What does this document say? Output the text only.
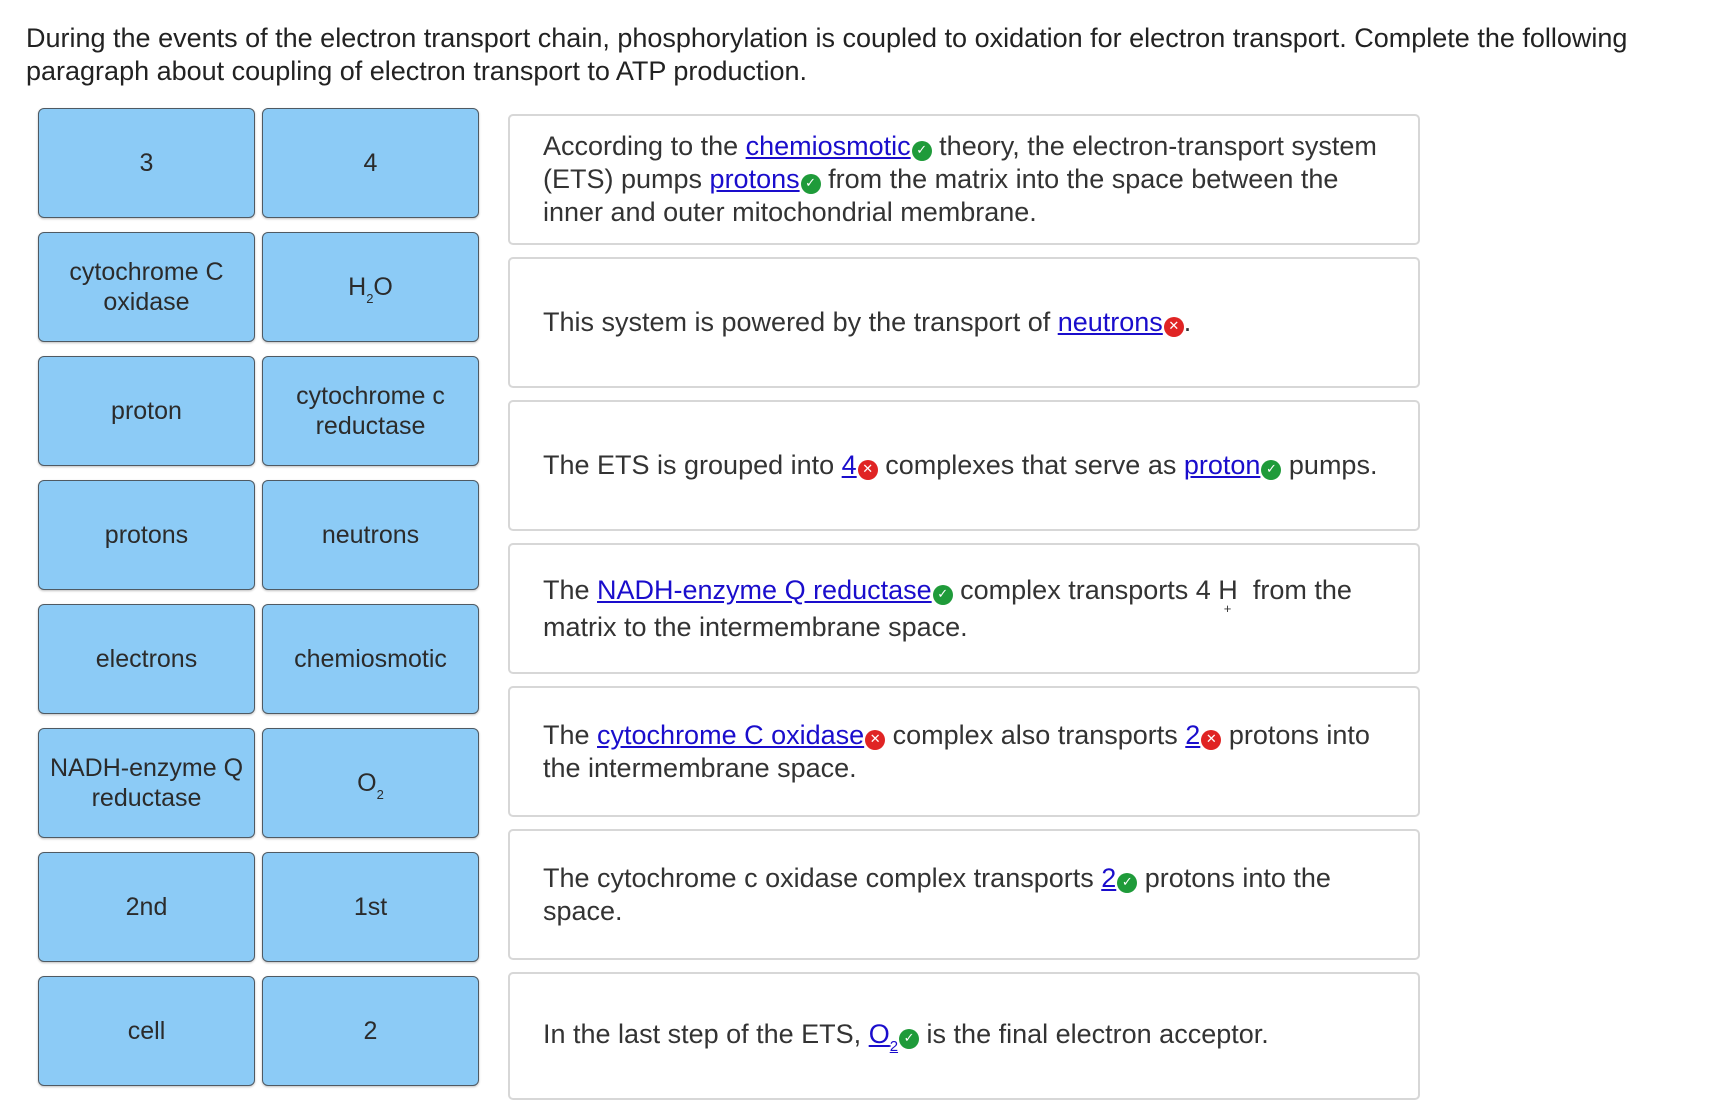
During the events of the electron transport chain, phosphorylation is coupled to oxidation for electron transport. Complete the following paragraph about coupling of electron transport to ATP production.
3
cytochrome C oxidase
proton
protons
electrons
NADH-enzyme Q reductase
2nd
cell
4
H 2 O
cytochrome c reductase
neutrons
chemiosmotic
O 2
1st
2
According to the chemiosmotic ✓ theory, the electron-transport system (ETS) pumps protons ✓ from the matrix into the space between the inner and outer mitochondrial membrane.
This system is powered by the transport of neutrons ✕ .
The ETS is grouped into 4 ✕ complexes that serve as proton ✓ pumps.
The NADH-enzyme Q reductase ✓ complex transports 4 $H_+$ from the matrix to the intermembrane space.
The cytochrome C oxidase ✕ complex also transports 2 ✕ protons into the intermembrane space.
The cytochrome c oxidase complex transports 2 ✓ protons into the space.
In the last step of the ETS, $O_2$ ✓ is the final electron acceptor.
